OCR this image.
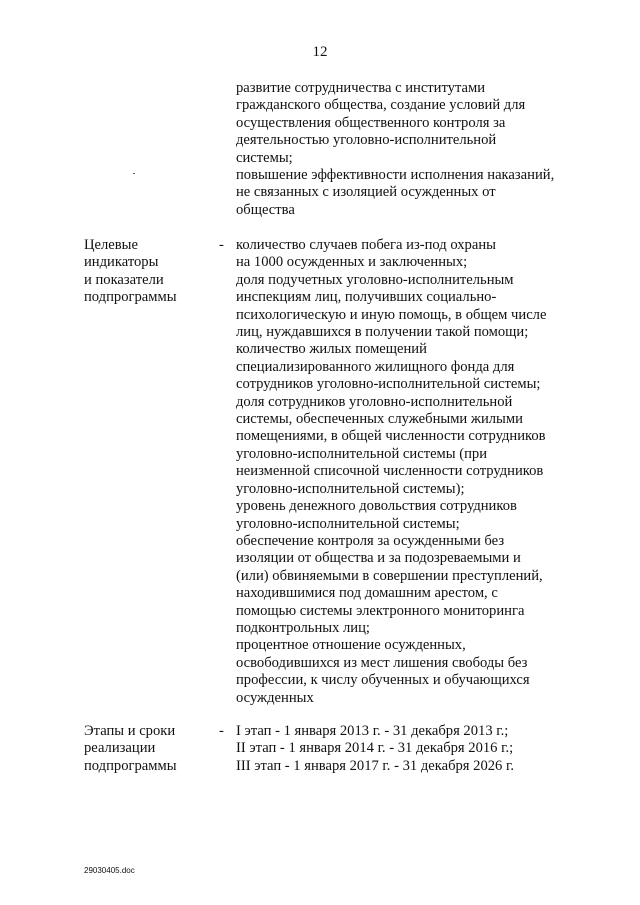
12
развитие сотрудничества с институтами
гражданского общества, создание условий для
осуществления общественного контроля за
деятельностью уголовно-исполнительной
системы;
повышение эффективности исполнения наказаний,
не связанных с изоляцией осужденных от
общества
Целевые
индикаторы
и показатели
подпрограммы
- количество случаев побега из-под охраны
на 1000 осужденных и заключенных;
доля подучетных уголовно-исполнительным
инспекциям лиц, получивших социально-
психологическую и иную помощь, в общем числе
лиц, нуждавшихся в получении такой помощи;
количество жилых помещений
специализированного жилищного фонда для
сотрудников уголовно-исполнительной системы;
доля сотрудников уголовно-исполнительной
системы, обеспеченных служебными жилыми
помещениями, в общей численности сотрудников
уголовно-исполнительной системы (при
неизменной списочной численности сотрудников
уголовно-исполнительной системы);
уровень денежного довольствия сотрудников
уголовно-исполнительной системы;
обеспечение контроля за осужденными без
изоляции от общества и за подозреваемыми и
(или) обвиняемыми в совершении преступлений,
находившимися под домашним арестом, с
помощью системы электронного мониторинга
подконтрольных лиц;
процентное отношение осужденных,
освободившихся из мест лишения свободы без
профессии, к числу обученных и обучающихся
осужденных
Этапы и сроки
реализации
подпрограммы
- I этап - 1 января 2013 г. - 31 декабря 2013 г.;
II этап - 1 января 2014 г. - 31 декабря 2016 г.;
III этап - 1 января 2017 г. - 31 декабря 2026 г.
29030405.doc
